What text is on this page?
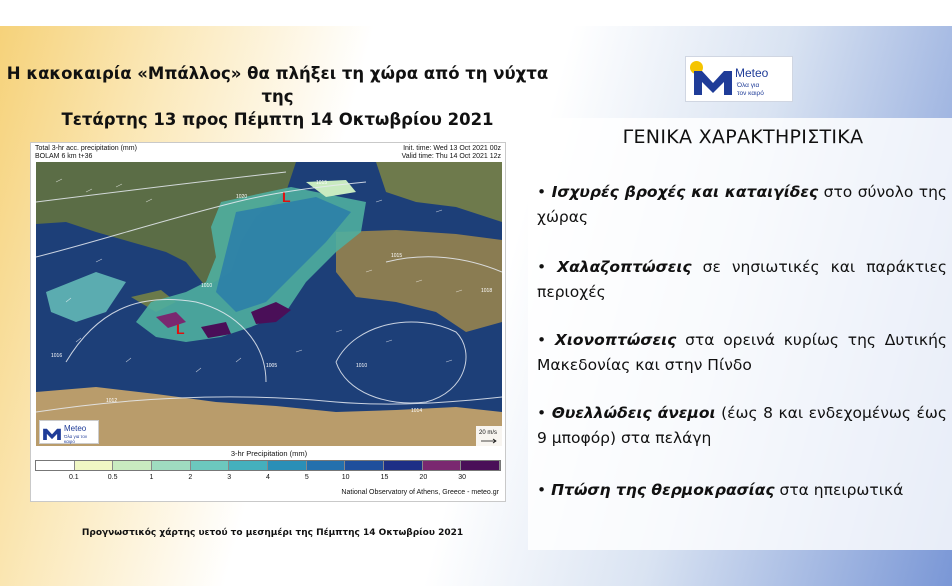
Η κακοκαιρία «Μπάλλος» θα πλήξει τη χώρα από τη νύχτα της
Τετάρτης 13 προς Πέμπτη 14 Οκτωβρίου 2021
Meteo
Όλα για
τον καιρό
Total 3-hr acc. precipitation (mm)
BOLAM 6 km t+36
Init. time: Wed 13 Oct 2021 00z
Valid time: Thu 14 Oct 2021 12z
L
L
1020
1015
1010
1005	1010
1015
1012
1016
1018
1014
20 m/s
Meteo
Όλα για τον καιρό
3-hr Precipitation (mm)
0.1	0.5	1	2	3	4	5	10	15	20	30
National Observatory of Athens, Greece - meteo.gr
Προγνωστικός χάρτης υετού το μεσημέρι της Πέμπτης 14 Οκτωβρίου 2021
ΓΕΝΙΚΑ ΧΑΡΑΚΤΗΡΙΣΤΙΚΑ
• Ισχυρές βροχές και καταιγίδες στο σύνολο της χώρας
• Χαλαζοπτώσεις σε νησιωτικές και παράκτιες περιοχές
• Χιονοπτώσεις στα ορεινά κυρίως της Δυτικής Μακεδονίας και στην Πίνδο
• Θυελλώδεις άνεμοι (έως 8 και ενδεχομένως έως 9 μποφόρ) στα πελάγη
• Πτώση της θερμοκρασίας στα ηπειρωτικά
